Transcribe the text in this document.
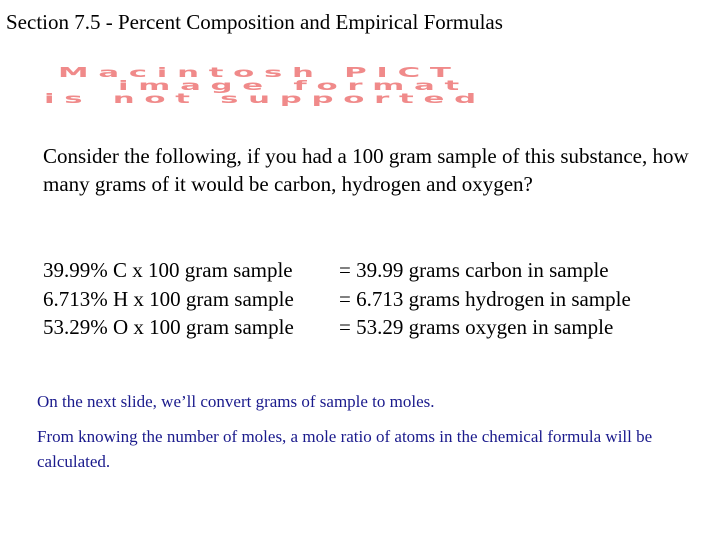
Section 7.5 - Percent Composition and Empirical Formulas
Macintosh PICT
image format
is not supported
Consider the following, if you had a 100 gram sample of this substance, how many grams of it would be carbon, hydrogen and oxygen?
39.99% C x 100 gram sample	= 39.99 grams carbon in sample
6.713% H x 100 gram sample	= 6.713 grams hydrogen in sample
53.29% O x 100 gram sample	= 53.29 grams oxygen in sample
On the next slide, we’ll convert grams of sample to moles.
From knowing the number of moles, a mole ratio of atoms in the chemical formula will be calculated.
